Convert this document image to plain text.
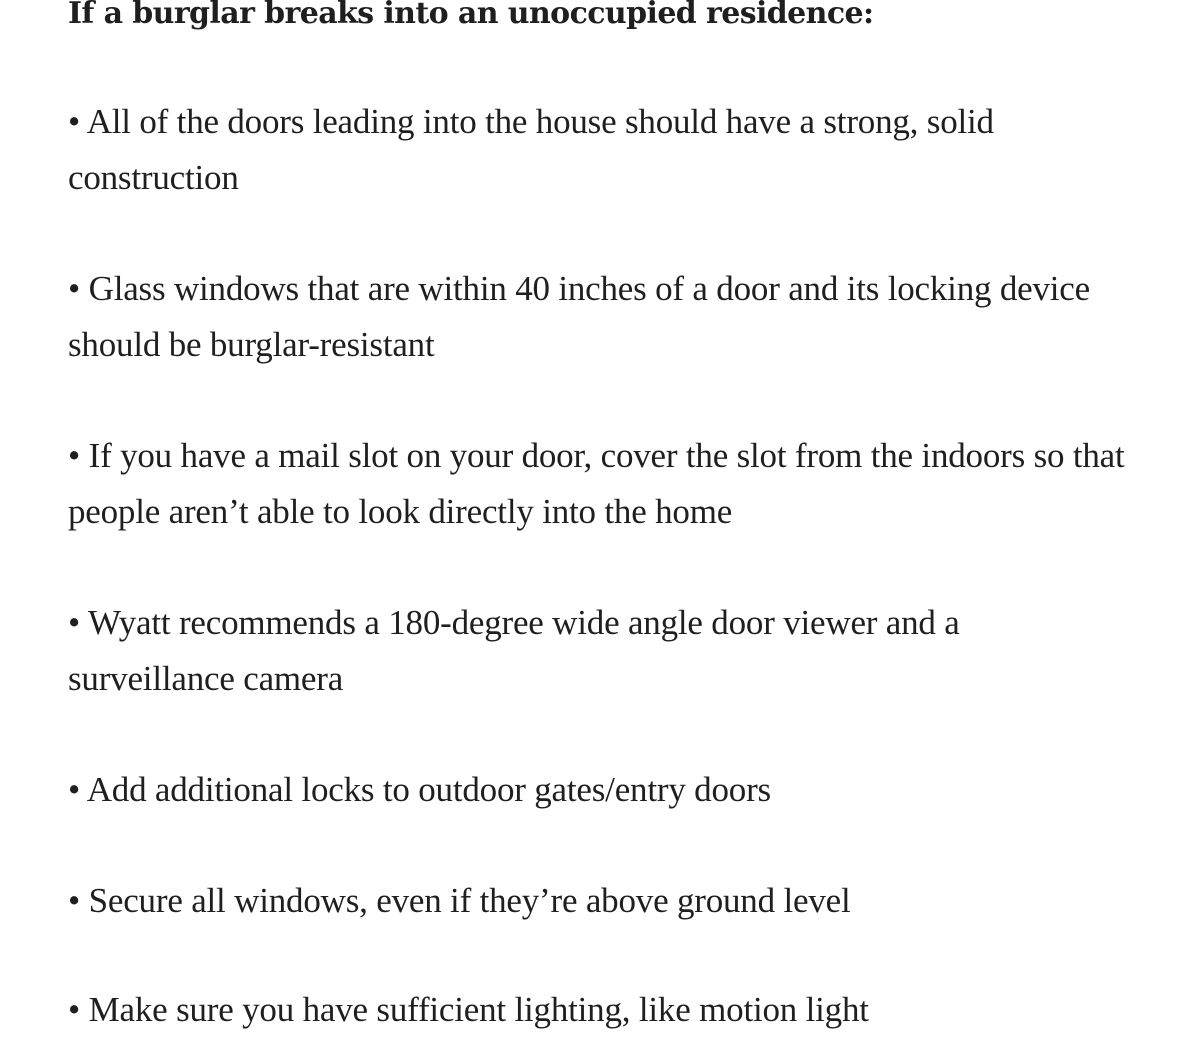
If a burglar breaks into an unoccupied residence:

• All of the doors leading into the house should have a strong, solid construction

• Glass windows that are within 40 inches of a door and its locking device should be burglar-resistant

• If you have a mail slot on your door, cover the slot from the indoors so that people aren’t able to look directly into the home

• Wyatt recommends a 180-degree wide angle door viewer and a surveillance camera

• Add additional locks to outdoor gates/entry doors

• Secure all windows, even if they’re above ground level

• Make sure you have sufficient lighting, like motion light
